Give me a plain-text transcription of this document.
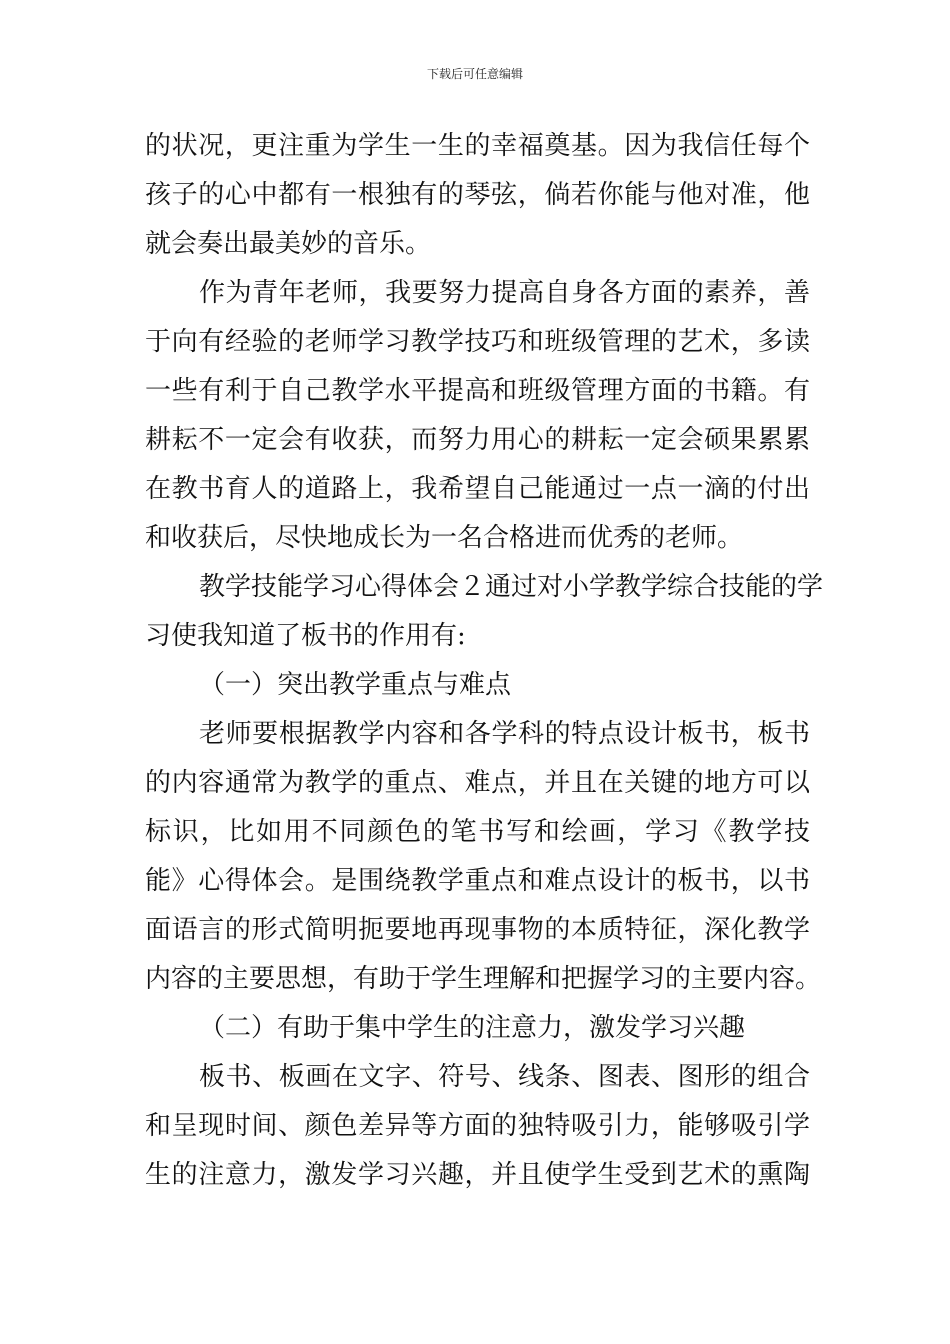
下载后可任意编辑
的状况，更注重为学生一生的幸福奠基。因为我信任每个
孩子的心中都有一根独有的琴弦，倘若你能与他对准，他
就会奏出最美妙的音乐。
作为青年老师，我要努力提高自身各方面的素养，善
于向有经验的老师学习教学技巧和班级管理的艺术，多读
一些有利于自己教学水平提高和班级管理方面的书籍。有
耕耘不一定会有收获，而努力用心的耕耘一定会硕果累累
在教书育人的道路上，我希望自己能通过一点一滴的付出
和收获后，尽快地成长为一名合格进而优秀的老师。
教学技能学习心得体会２通过对小学教学综合技能的学
习使我知道了板书的作用有:
（一）突出教学重点与难点
老师要根据教学内容和各学科的特点设计板书，板书
的内容通常为教学的重点、难点，并且在关键的地方可以
标识，比如用不同颜色的笔书写和绘画，学习《教学技
能》心得体会。是围绕教学重点和难点设计的板书，以书
面语言的形式简明扼要地再现事物的本质特征，深化教学
内容的主要思想，有助于学生理解和把握学习的主要内容。
（二）有助于集中学生的注意力，激发学习兴趣
板书、板画在文字、符号、线条、图表、图形的组合
和呈现时间、颜色差异等方面的独特吸引力，能够吸引学
生的注意力，激发学习兴趣，并且使学生受到艺术的熏陶
